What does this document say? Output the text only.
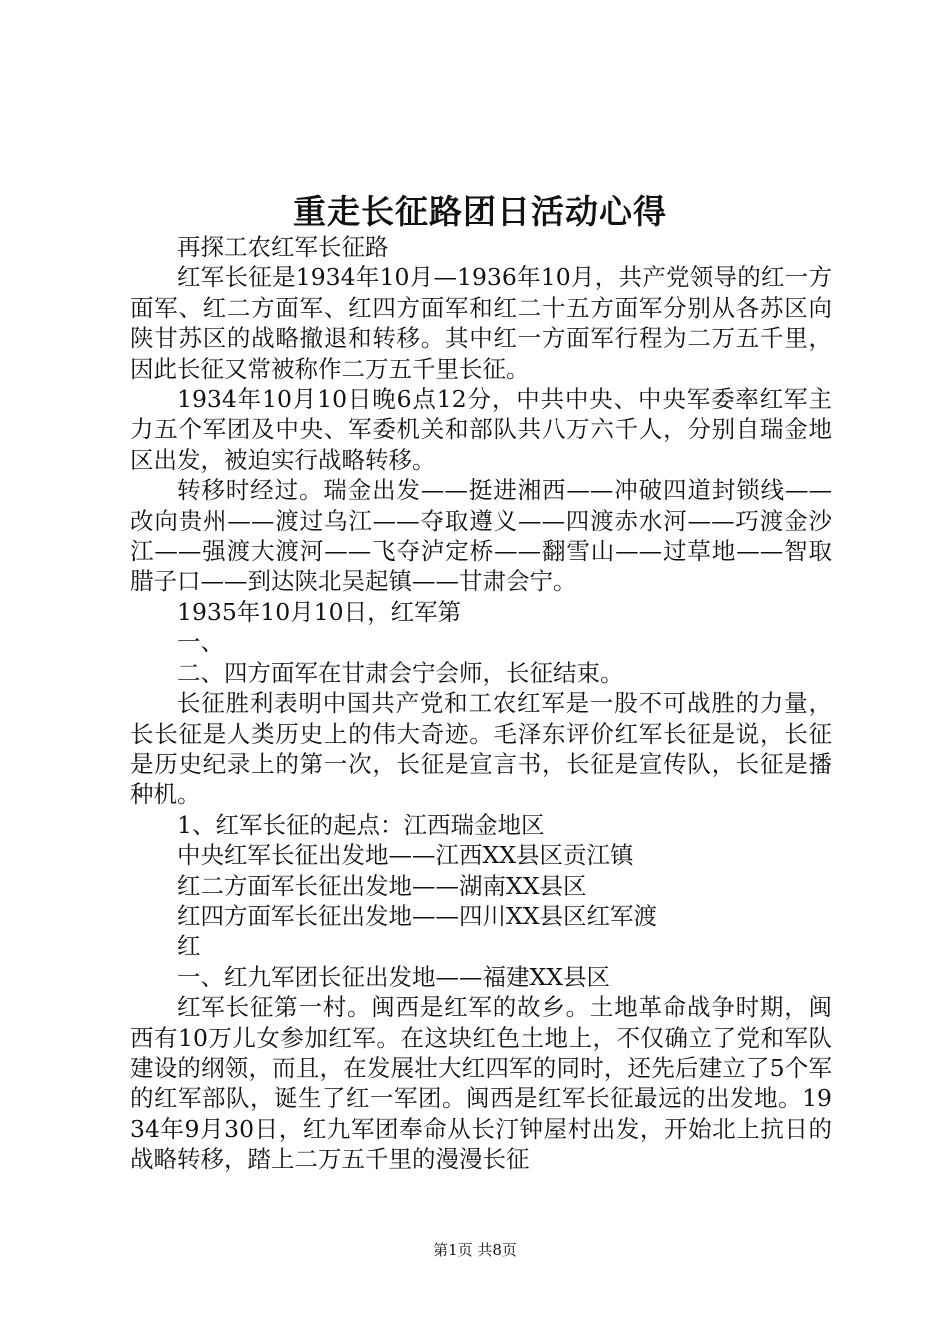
重走长征路团日活动心得

再探工农红军长征路

红军长征是1934年10月—1936年10月，共产党领导的红一方面军、红二方面军、红四方面军和红二十五方面军分别从各苏区向陕甘苏区的战略撤退和转移。其中红一方面军行程为二万五千里，因此长征又常被称作二万五千里长征。

1934年10月10日晚6点12分，中共中央、中央军委率红军主力五个军团及中央、军委机关和部队共八万六千人，分别自瑞金地区出发，被迫实行战略转移。

转移时经过。瑞金出发——挺进湘西——冲破四道封锁线——改向贵州——渡过乌江——夺取遵义——四渡赤水河——巧渡金沙江——强渡大渡河——飞夺泸定桥——翻雪山——过草地——智取腊子口——到达陕北吴起镇——甘肃会宁。

1935年10月10日，红军第

一、

二、四方面军在甘肃会宁会师，长征结束。

长征胜利表明中国共产党和工农红军是一股不可战胜的力量，长长征是人类历史上的伟大奇迹。毛泽东评价红军长征是说，长征是历史纪录上的第一次，长征是宣言书，长征是宣传队，长征是播种机。

1、红军长征的起点：江西瑞金地区

中央红军长征出发地——江西XX县区贡江镇

红二方面军长征出发地——湖南XX县区

红四方面军长征出发地——四川XX县区红军渡

红

一、红九军团长征出发地——福建XX县区

红军长征第一村。闽西是红军的故乡。土地革命战争时期，闽西有10万儿女参加红军。在这块红色土地上，不仅确立了党和军队建设的纲领，而且，在发展壮大红四军的同时，还先后建立了5个军的红军部队，诞生了红一军团。闽西是红军长征最远的出发地。1934年9月30日，红九军团奉命从长汀钟屋村出发，开始北上抗日的战略转移，踏上二万五千里的漫漫长征

第1页 共8页
